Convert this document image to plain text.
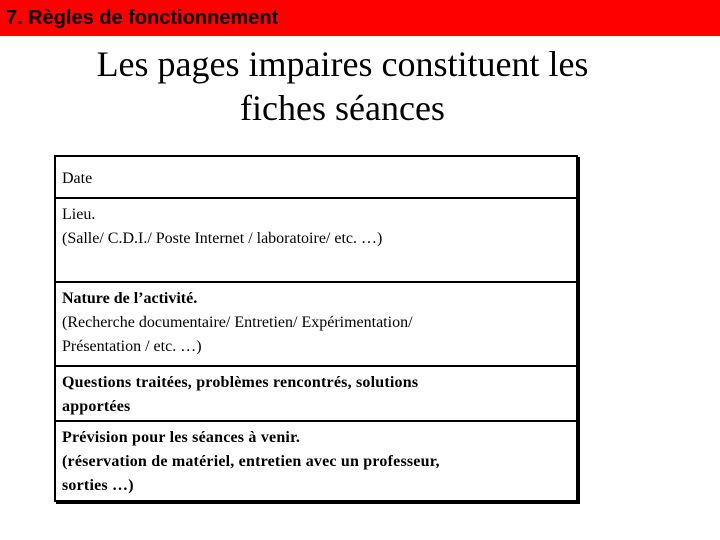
7. Règles de fonctionnement
Les pages impaires constituent les
fiches séances
Date
Lieu.
(Salle/ C.D.I./ Poste Internet / laboratoire/ etc. …)
Nature de l’activité.
(Recherche documentaire/ Entretien/ Expérimentation/
Présentation / etc. …)
Questions traitées, problèmes rencontrés, solutions
apportées
Prévision pour les séances à venir.
(réservation de matériel, entretien avec un professeur,
sorties …)
